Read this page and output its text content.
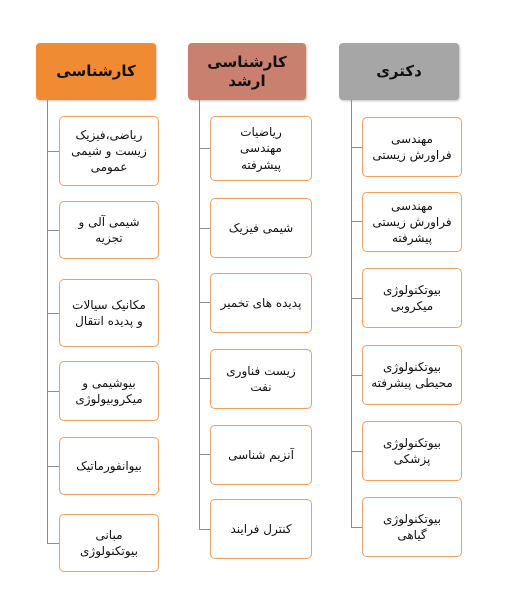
کارشناسی
ریاضی،فیزیک زیست و شیمی عمومی
شیمی آلی و تجزیه
مکانیک سیالات و پدیده انتقال
بیوشیمی و میکروبیولوژی
بیوانفورماتیک
مبانی بیوتکنولوژی
کارشناسی ارشد
ریاضیات مهندسی پیشرفته
شیمی فیزیک
پدیده های تخمیر
زیست فناوری نفت
آنزیم شناسی
کنترل فرایند
دکتری
مهندسی فراورش زیستی
مهندسی فراورش زیستی پیشرفته
بیوتکنولوژی میکروبی
بیوتکنولوژی محیطی پیشرفته
بیوتکنولوژی پزشکی
بیوتکنولوژی گیاهی
